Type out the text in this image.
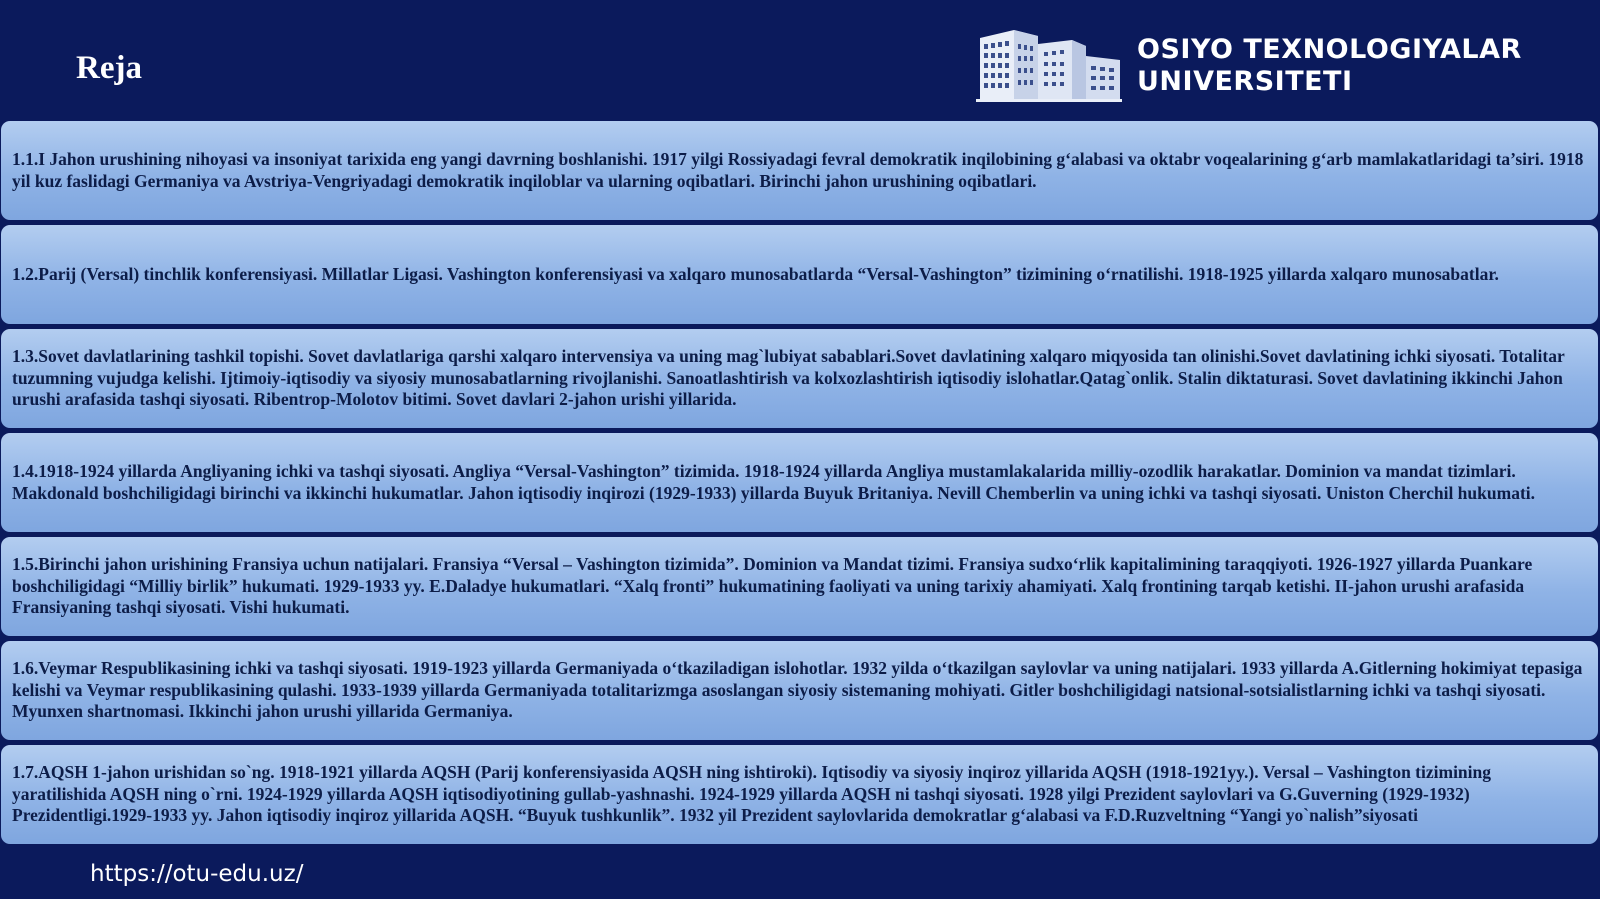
Reja
OSIYO TEXNOLOGIYALAR
UNIVERSITETI
1.1.I Jahon urushining nihoyasi va insoniyat tarixida eng yangi davrning boshlanishi. 1917 yilgi Rossiyadagi fevral demokratik inqilobining g‘alabasi va oktabr voqealarining g‘arb mamlakatlaridagi ta’siri. 1918 yil kuz faslidagi Germaniya va Avstriya-Vengriyadagi demokratik inqiloblar va ularning oqibatlari. Birinchi jahon urushining oqibatlari.
1.2.Parij (Versal) tinchlik konferensiyasi. Millatlar Ligasi. Vashington konferensiyasi va xalqaro munosabatlarda “Versal-Vashington” tizimining o‘rnatilishi. 1918-1925 yillarda xalqaro munosabatlar.
1.3.Sovet davlatlarining tashkil topishi. Sovet davlatlariga qarshi xalqaro intervensiya va uning mag`lubiyat sabablari.Sovet davlatining xalqaro miqyosida tan olinishi.Sovet davlatining ichki siyosati. Totalitar tuzumning vujudga kelishi. Ijtimoiy-iqtisodiy va siyosiy munosabatlarning rivojlanishi. Sanoatlashtirish va kolxozlashtirish iqtisodiy islohatlar.Qatag`onlik. Stalin diktaturasi. Sovet davlatining ikkinchi Jahon urushi arafasida tashqi siyosati. Ribentrop-Molotov bitimi. Sovet davlari 2-jahon urishi yillarida.
1.4.1918-1924 yillarda Angliyaning ichki va tashqi siyosati. Angliya “Versal-Vashington” tizimida. 1918-1924 yillarda Angliya mustamlakalarida milliy-ozodlik harakatlar. Dominion va mandat tizimlari. Makdonald boshchiligidagi birinchi va ikkinchi hukumatlar. Jahon iqtisodiy inqirozi (1929-1933) yillarda Buyuk Britaniya. Nevill Chemberlin va uning ichki va tashqi siyosati. Uniston Cherchil hukumati.
1.5.Birinchi jahon urishining Fransiya uchun natijalari. Fransiya “Versal – Vashington tizimida”. Dominion va Mandat tizimi. Fransiya sudxo‘rlik kapitalimining taraqqiyoti. 1926-1927 yillarda Puankare boshchiligidagi “Milliy birlik” hukumati. 1929-1933 yy. E.Daladye hukumatlari. “Xalq fronti” hukumatining faoliyati va uning tarixiy ahamiyati. Xalq frontining tarqab ketishi. II-jahon urushi arafasida Fransiyaning tashqi siyosati. Vishi hukumati.
1.6.Veymar Respublikasining ichki va tashqi siyosati. 1919-1923 yillarda Germaniyada o‘tkaziladigan islohotlar. 1932 yilda o‘tkazilgan saylovlar va uning natijalari. 1933 yillarda A.Gitlerning hokimiyat tepasiga kelishi va Veymar respublikasining qulashi. 1933-1939 yillarda Germaniyada totalitarizmga asoslangan siyosiy sistemaning mohiyati. Gitler boshchiligidagi natsional-sotsialistlarning ichki va tashqi siyosati. Myunxen shartnomasi. Ikkinchi jahon urushi yillarida Germaniya.
1.7.AQSH 1-jahon urishidan so`ng. 1918-1921 yillarda AQSH (Parij konferensiyasida AQSH ning ishtiroki). Iqtisodiy va siyosiy inqiroz yillarida AQSH (1918-1921yy.). Versal – Vashington tizimining yaratilishida AQSH ning o`rni. 1924-1929 yillarda AQSH iqtisodiyotining gullab-yashnashi. 1924-1929 yillarda AQSH ni tashqi siyosati. 1928 yilgi Prezident saylovlari va G.Guverning (1929-1932) Prezidentligi.1929-1933 yy. Jahon iqtisodiy inqiroz yillarida AQSH. “Buyuk tushkunlik”. 1932 yil Prezident saylovlarida demokratlar g‘alabasi va F.D.Ruzveltning “Yangi yo`nalish”siyosati
https://otu-edu.uz/
